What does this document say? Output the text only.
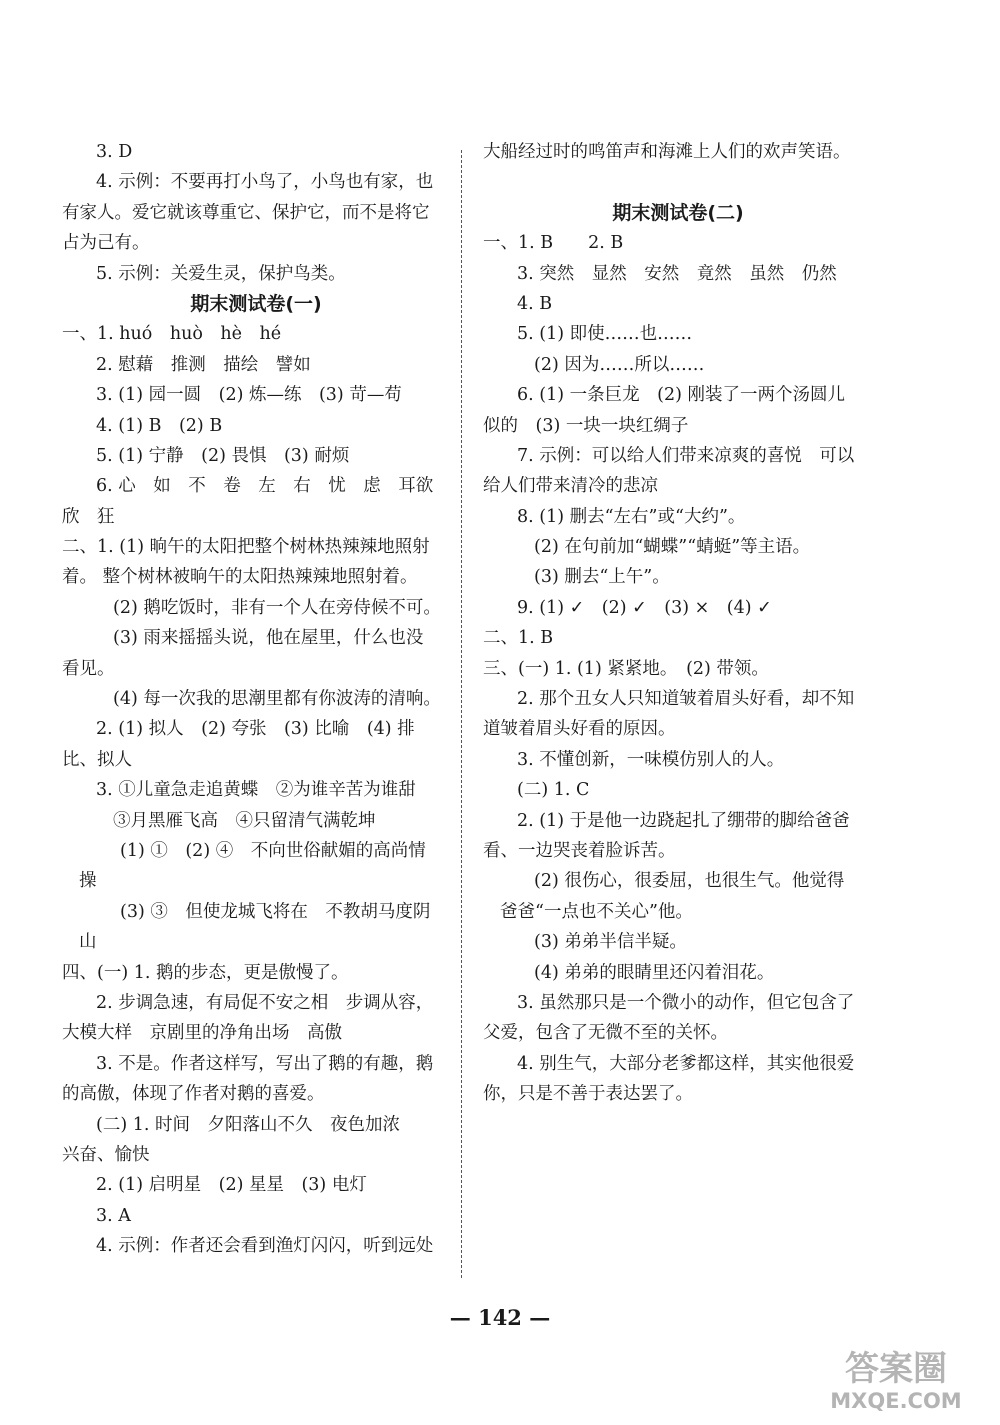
3. D
4. 示例：不要再打小鸟了，小鸟也有家，也
有家人。爱它就该尊重它、保护它，而不是将它
占为己有。
5. 示例：关爱生灵，保护鸟类。
期末测试卷(一)
一、1. huó　huò　hè　hé
2. 慰藉　推测　描绘　譬如
3. (1) 园一圆　(2) 炼—练　(3) 苛—苟
4. (1) B　(2) B
5. (1) 宁静　(2) 畏惧　(3) 耐烦
6. 心　如　不　卷　左　右　忧　虑　耳欲
欣　狂
二、1. (1) 晌午的太阳把整个树林热辣辣地照射
着。 整个树林被晌午的太阳热辣辣地照射着。
(2) 鹅吃饭时，非有一个人在旁侍候不可。
(3) 雨来摇摇头说，他在屋里，什么也没
看见。
(4) 每一次我的思潮里都有你波涛的清响。
2. (1) 拟人　(2) 夸张　(3) 比喻　(4) 排
比、拟人
3. ①儿童急走追黄蝶　②为谁辛苦为谁甜
③月黑雁飞高　④只留清气满乾坤
(1) ①　(2) ④　不向世俗献媚的高尚情
操
(3) ③　但使龙城飞将在　不教胡马度阴
山
四、(一) 1. 鹅的步态，更是傲慢了。
2. 步调急速，有局促不安之相　步调从容，
大模大样　京剧里的净角出场　高傲
3. 不是。作者这样写，写出了鹅的有趣，鹅
的高傲，体现了作者对鹅的喜爱。
(二) 1. 时间　夕阳落山不久　夜色加浓
兴奋、愉快
2. (1) 启明星　(2) 星星　(3) 电灯
3. A
4. 示例：作者还会看到渔灯闪闪，听到远处
大船经过时的鸣笛声和海滩上人们的欢声笑语。
期末测试卷(二)
一、1. B　　2. B
3. 突然　显然　安然　竟然　虽然　仍然
4. B
5. (1) 即使……也……
(2) 因为……所以……
6. (1) 一条巨龙　(2) 刚装了一两个汤圆儿
似的　(3) 一块一块红绸子
7. 示例：可以给人们带来凉爽的喜悦　可以
给人们带来清冷的悲凉
8. (1) 删去“左右”或“大约”。
(2) 在句前加“蝴蝶”“蜻蜓”等主语。
(3) 删去“上午”。
9. (1) ✓　(2) ✓　(3) ×　(4) ✓
二、1. B
三、(一) 1. (1) 紧紧地。　(2) 带领。
2. 那个丑女人只知道皱着眉头好看，却不知
道皱着眉头好看的原因。
3. 不懂创新，一味模仿别人的人。
(二) 1. C
2. (1) 于是他一边跷起扎了绷带的脚给爸爸
看、一边哭丧着脸诉苦。
(2) 很伤心，很委屈，也很生气。他觉得
爸爸“一点也不关心”他。
(3) 弟弟半信半疑。
(4) 弟弟的眼睛里还闪着泪花。
3. 虽然那只是一个微小的动作，但它包含了
父爱，包含了无微不至的关怀。
4. 别生气，大部分老爹都这样，其实他很爱
你，只是不善于表达罢了。
— 142 —
答案圈
MXQE.COM
